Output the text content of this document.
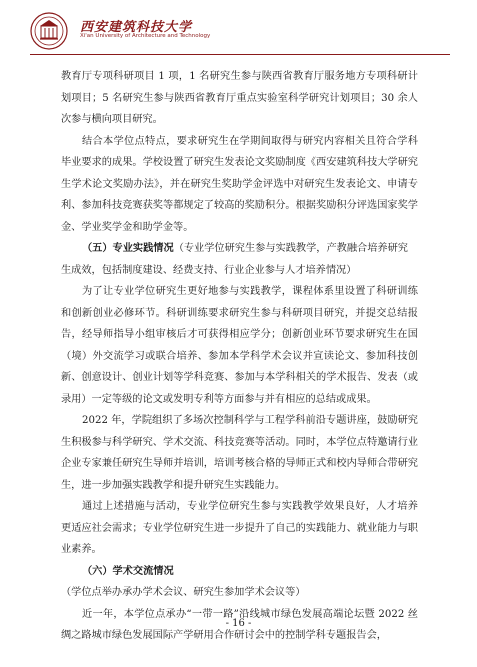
西安建筑科技大学
Xi'an University of Architecture and Technology

教育厅专项科研项目 1 项，1 名研究生参与陕西省教育厅服务地方专项科研计划项目；5 名研究生参与陕西省教育厅重点实验室科学研究计划项目；30 余人次参与横向项目研究。

结合本学位点特点，要求研究生在学期间取得与研究内容相关且符合学科毕业要求的成果。学校设置了研究生发表论文奖励制度《西安建筑科技大学研究生学术论文奖励办法》，并在研究生奖助学金评选中对研究生发表论文、申请专利、参加科技竞赛获奖等都规定了较高的奖励积分。根据奖励积分评选国家奖学金、学业奖学金和助学金等。

（五）专业实践情况（专业学位研究生参与实践教学，产教融合培养研究生成效，包括制度建设、经费支持、行业企业参与人才培养情况）

为了让专业学位研究生更好地参与实践教学，课程体系里设置了科研训练和创新创业必修环节。科研训练要求研究生参与科研项目研究，并提交总结报告，经导师指导小组审核后才可获得相应学分；创新创业环节要求研究生在国（境）外交流学习或联合培养、参加本学科学术会议并宣读论文、参加科技创新、创意设计、创业计划等学科竞赛、参加与本学科相关的学术报告、发表（或录用）一定等级的论文或发明专利等方面参与并有相应的总结或成果。

2022 年，学院组织了多场次控制科学与工程学科前沿专题讲座，鼓励研究生积极参与科学研究、学术交流、科技竞赛等活动。同时，本学位点特邀请行业企业专家兼任研究生导师并培训，培训考核合格的导师正式和校内导师合带研究生，进一步加强实践教学和提升研究生实践能力。

通过上述措施与活动，专业学位研究生参与实践教学效果良好，人才培养更适应社会需求；专业学位研究生进一步提升了自己的实践能力、就业能力与职业素养。

（六）学术交流情况（学位点举办承办学术会议、研究生参加学术会议等）

近一年，本学位点承办“一带一路”沿线城市绿色发展高端论坛暨 2022 丝绸之路城市绿色发展国际产学研用合作研讨会中的控制学科专题报告会，

- 16 -
